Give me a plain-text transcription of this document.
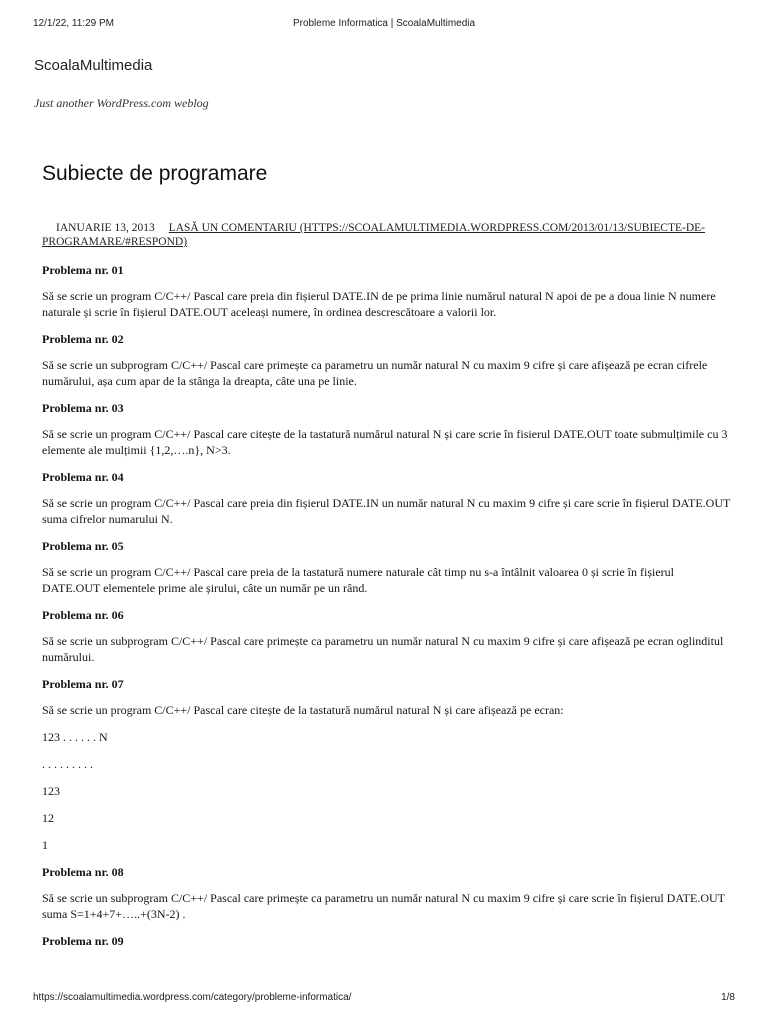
12/1/22, 11:29 PM	Probleme Informatica | ScoalaMultimedia
ScoalaMultimedia
Just another WordPress.com weblog
Subiecte de programare
IANUARIE 13, 2013 LASĂ UN COMENTARIU (HTTPS://SCOALAMULTIMEDIA.WORDPRESS.COM/2013/01/13/SUBIECTE-DE-PROGRAMARE/#RESPOND)
Problema nr. 01

Să se scrie un program C/C++/ Pascal care preia din fișierul DATE.IN de pe prima linie numărul natural N apoi de pe a doua linie N numere naturale și scrie în fișierul DATE.OUT aceleași numere, în ordinea descrescătoare a valorii lor.

Problema nr. 02

Să se scrie un subprogram C/C++/ Pascal care primește ca parametru un număr natural N cu maxim 9 cifre și care afișează pe ecran cifrele numărului, așa cum apar de la stânga la dreapta, câte una pe linie.

Problema nr. 03

Să se scrie un program C/C++/ Pascal care citește de la tastatură numărul natural N și care scrie în fisierul DATE.OUT toate submulțimile cu 3 elemente ale mulțimii {1,2,….n}, N>3.

Problema nr. 04

Să se scrie un program C/C++/ Pascal care preia din fișierul DATE.IN un număr natural N cu maxim 9 cifre și care scrie în fișierul DATE.OUT suma cifrelor numarului N.

Problema nr. 05

Să se scrie un program C/C++/ Pascal care preia de la tastatură numere naturale cât timp nu s-a întâlnit valoarea 0 și scrie în fișierul DATE.OUT elementele prime ale șirului, câte un număr pe un rând.

Problema nr. 06

Să se scrie un subprogram C/C++/ Pascal care primește ca parametru un număr natural N cu maxim 9 cifre și care afișează pe ecran oglinditul numărului.

Problema nr. 07

Să se scrie un program C/C++/ Pascal care citește de la tastatură numărul natural N și care afișează pe ecran:

123 . . . . . . N

. . . . . . . . .

123

12

1

Problema nr. 08

Să se scrie un subprogram C/C++/ Pascal care primește ca parametru un număr natural N cu maxim 9 cifre și care scrie în fișierul DATE.OUT suma S=1+4+7+…..+(3N-2) .

Problema nr. 09
https://scoalamultimedia.wordpress.com/category/probleme-informatica/	1/8
